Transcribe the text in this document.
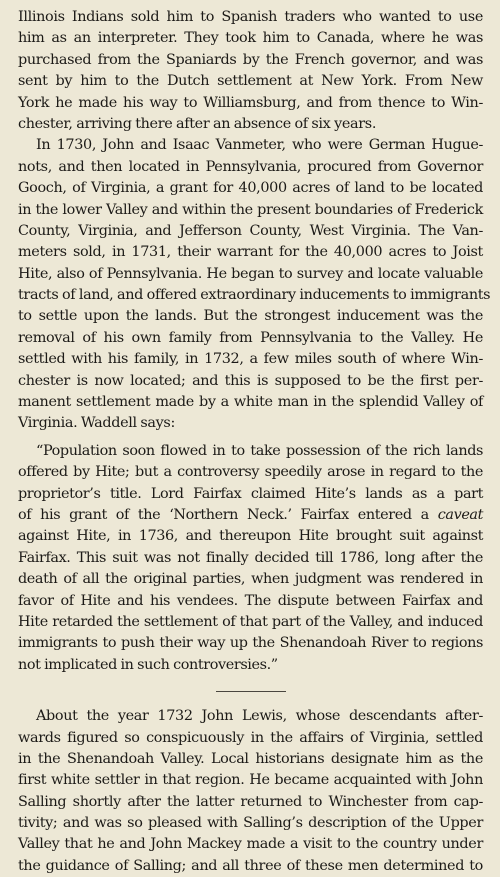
Illinois Indians sold him to Spanish traders who wanted to use
him as an interpreter. They took him to Canada, where he was
purchased from the Spaniards by the French governor, and was
sent by him to the Dutch settlement at New York. From New
York he made his way to Williamsburg, and from thence to Win-
chester, arriving there after an absence of six years.
In 1730, John and Isaac Vanmeter, who were German Hugue-
nots, and then located in Pennsylvania, procured from Governor
Gooch, of Virginia, a grant for 40,000 acres of land to be located
in the lower Valley and within the present boundaries of Frederick
County, Virginia, and Jefferson County, West Virginia. The Van-
meters sold, in 1731, their warrant for the 40,000 acres to Joist
Hite, also of Pennsylvania. He began to survey and locate valuable
tracts of land, and offered extraordinary inducements to immigrants
to settle upon the lands. But the strongest inducement was the
removal of his own family from Pennsylvania to the Valley. He
settled with his family, in 1732, a few miles south of where Win-
chester is now located; and this is supposed to be the first per-
manent settlement made by a white man in the splendid Valley of
Virginia. Waddell says:
“Population soon flowed in to take possession of the rich lands
offered by Hite; but a controversy speedily arose in regard to the
proprietor’s title. Lord Fairfax claimed Hite’s lands as a part
of his grant of the ‘Northern Neck.’ Fairfax entered a caveat
against Hite, in 1736, and thereupon Hite brought suit against
Fairfax. This suit was not finally decided till 1786, long after the
death of all the original parties, when judgment was rendered in
favor of Hite and his vendees. The dispute between Fairfax and
Hite retarded the settlement of that part of the Valley, and induced
immigrants to push their way up the Shenandoah River to regions
not implicated in such controversies.”
About the year 1732 John Lewis, whose descendants after-
wards figured so conspicuously in the affairs of Virginia, settled
in the Shenandoah Valley. Local historians designate him as the
first white settler in that region. He became acquainted with John
Salling shortly after the latter returned to Winchester from cap-
tivity; and was so pleased with Salling’s description of the Upper
Valley that he and John Mackey made a visit to the country under
the guidance of Salling; and all three of these men determined to
